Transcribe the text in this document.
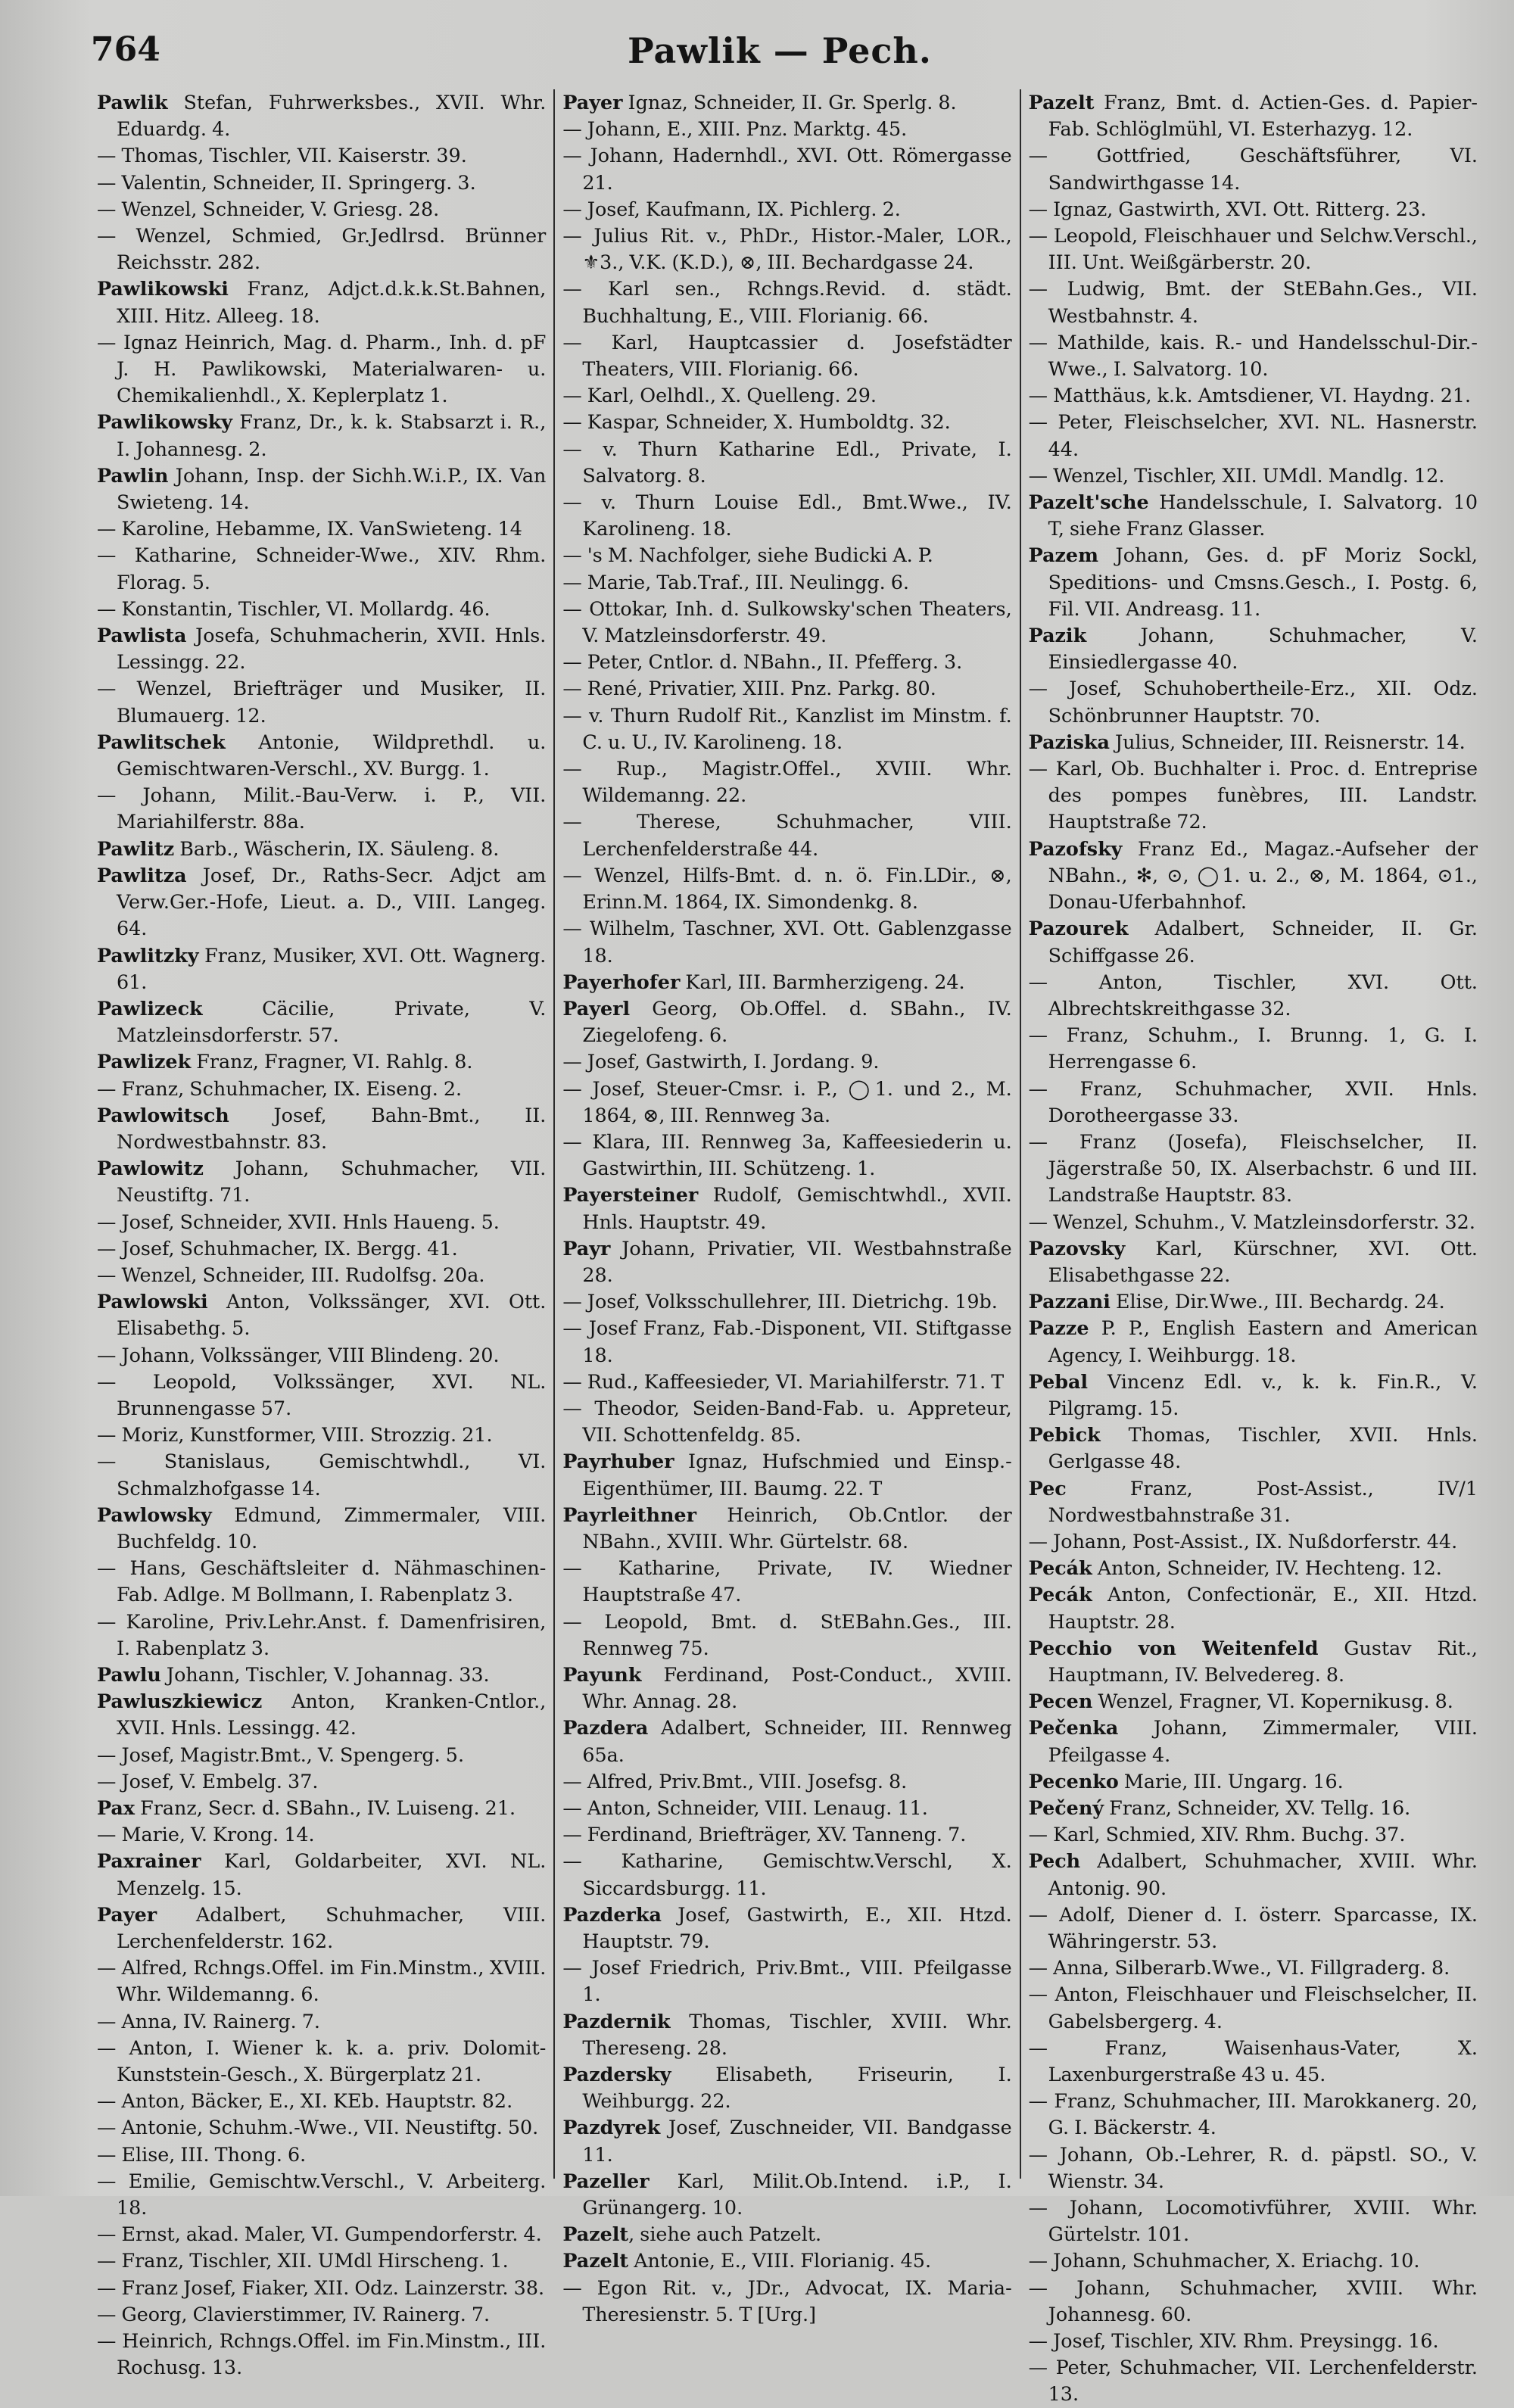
764	Pawlik — Pech.

Pawlik Stefan, Fuhrwerksbes., XVII. Whr. Eduardg. 4.

— Thomas, Tischler, VII. Kaiserstr. 39.

— Valentin, Schneider, II. Springerg. 3.

— Wenzel, Schneider, V. Griesg. 28.

— Wenzel, Schmied, Gr.Jedlrsd. Brünner Reichsstr. 282.

Pawlikowski Franz, Adjct.d.k.k.St.Bahnen, XIII. Hitz. Alleeg. 18.

— Ignaz Heinrich, Mag. d. Pharm., Inh. d. pF J. H. Pawlikowski, Materialwaren- u. Chemikalienhdl., X. Keplerplatz 1.

Pawlikowsky Franz, Dr., k. k. Stabsarzt i. R., I. Johannesg. 2.

Pawlin Johann, Insp. der Sichh.W.i.P., IX. Van Swieteng. 14.

— Karoline, Hebamme, IX. VanSwieteng. 14

— Katharine, Schneider-Wwe., XIV. Rhm. Florag. 5.

— Konstantin, Tischler, VI. Mollardg. 46.

Pawlista Josefa, Schuhmacherin, XVII. Hnls. Lessingg. 22.

— Wenzel, Briefträger und Musiker, II. Blumauerg. 12.

Pawlitschek Antonie, Wildprethdl. u. Gemischtwaren-Verschl., XV. Burgg. 1.

— Johann, Milit.-Bau-Verw. i. P., VII. Mariahilferstr. 88a.

Pawlitz Barb., Wäscherin, IX. Säuleng. 8.

Pawlitza Josef, Dr., Raths-Secr. Adjct am Verw.Ger.-Hofe, Lieut. a. D., VIII. Langeg. 64.

Pawlitzky Franz, Musiker, XVI. Ott. Wagnerg. 61.

Pawlizeck Cäcilie, Private, V. Matzleinsdorferstr. 57.

Pawlizek Franz, Fragner, VI. Rahlg. 8.

— Franz, Schuhmacher, IX. Eiseng. 2.

Pawlowitsch Josef, Bahn-Bmt., II. Nordwestbahnstr. 83.

Pawlowitz Johann, Schuhmacher, VII. Neustiftg. 71.

— Josef, Schneider, XVII. Hnls Haueng. 5.

— Josef, Schuhmacher, IX. Bergg. 41.

— Wenzel, Schneider, III. Rudolfsg. 20a.

Pawlowski Anton, Volkssänger, XVI. Ott. Elisabethg. 5.

— Johann, Volkssänger, VIII Blindeng. 20.

— Leopold, Volkssänger, XVI. NL. Brunnengasse 57.

— Moriz, Kunstformer, VIII. Strozzig. 21.

— Stanislaus, Gemischtwhdl., VI. Schmalzhofgasse 14.

Pawlowsky Edmund, Zimmermaler, VIII. Buchfeldg. 10.

— Hans, Geschäftsleiter d. Nähmaschinen-Fab. Adlge. M Bollmann, I. Rabenplatz 3.

— Karoline, Priv.Lehr.Anst. f. Damenfrisiren, I. Rabenplatz 3.

Pawlu Johann, Tischler, V. Johannag. 33.

Pawluszkiewicz Anton, Kranken-Cntlor., XVII. Hnls. Lessingg. 42.

— Josef, Magistr.Bmt., V. Spengerg. 5.

— Josef, V. Embelg. 37.

Pax Franz, Secr. d. SBahn., IV. Luiseng. 21.

— Marie, V. Krong. 14.

Paxrainer Karl, Goldarbeiter, XVI. NL. Menzelg. 15.

Payer Adalbert, Schuhmacher, VIII. Lerchenfelderstr. 162.

— Alfred, Rchngs.Offel. im Fin.Minstm., XVIII. Whr. Wildemanng. 6.

— Anna, IV. Rainerg. 7.

— Anton, I. Wiener k. k. a. priv. Dolomit-Kunststein-Gesch., X. Bürgerplatz 21.

— Anton, Bäcker, E., XI. KEb. Hauptstr. 82.

— Antonie, Schuhm.-Wwe., VII. Neustiftg. 50.

— Elise, III. Thong. 6.

— Emilie, Gemischtw.Verschl., V. Arbeiterg. 18.

— Ernst, akad. Maler, VI. Gumpendorferstr. 4.

— Franz, Tischler, XII. UMdl Hirscheng. 1.

— Franz Josef, Fiaker, XII. Odz. Lainzerstr. 38.

— Georg, Clavierstimmer, IV. Rainerg. 7.

— Heinrich, Rchngs.Offel. im Fin.Minstm., III. Rochusg. 13.

Payer Ignaz, Schneider, II. Gr. Sperlg. 8.

— Johann, E., XIII. Pnz. Marktg. 45.

— Johann, Hadernhdl., XVI. Ott. Römergasse 21.

— Josef, Kaufmann, IX. Pichlerg. 2.

— Julius Rit. v., PhDr., Histor.-Maler, LOR., ⚜3., V.K. (K.D.), ⊗, III. Bechardgasse 24.

— Karl sen., Rchngs.Revid. d. städt. Buchhaltung, E., VIII. Florianig. 66.

— Karl, Hauptcassier d. Josefstädter Theaters, VIII. Florianig. 66.

— Karl, Oelhdl., X. Quelleng. 29.

— Kaspar, Schneider, X. Humboldtg. 32.

— v. Thurn Katharine Edl., Private, I. Salvatorg. 8.

— v. Thurn Louise Edl., Bmt.Wwe., IV. Karolineng. 18.

— 's M. Nachfolger, siehe Budicki A. P.

— Marie, Tab.Traf., III. Neulingg. 6.

— Ottokar, Inh. d. Sulkowsky'schen Theaters, V. Matzleinsdorferstr. 49.

— Peter, Cntlor. d. NBahn., II. Pfefferg. 3.

— René, Privatier, XIII. Pnz. Parkg. 80.

— v. Thurn Rudolf Rit., Kanzlist im Minstm. f. C. u. U., IV. Karolineng. 18.

— Rup., Magistr.Offel., XVIII. Whr. Wildemanng. 22.

— Therese, Schuhmacher, VIII. Lerchenfelderstraße 44.

— Wenzel, Hilfs-Bmt. d. n. ö. Fin.LDir., ⊗, Erinn.M. 1864, IX. Simondenkg. 8.

— Wilhelm, Taschner, XVI. Ott. Gablenzgasse 18.

Payerhofer Karl, III. Barmherzigeng. 24.

Payerl Georg, Ob.Offel. d. SBahn., IV. Ziegelofeng. 6.

— Josef, Gastwirth, I. Jordang. 9.

— Josef, Steuer-Cmsr. i. P., ◯1. und 2., M. 1864, ⊗, III. Rennweg 3a.

— Klara, III. Rennweg 3a, Kaffeesiederin u. Gastwirthin, III. Schützeng. 1.

Payersteiner Rudolf, Gemischtwhdl., XVII. Hnls. Hauptstr. 49.

Payr Johann, Privatier, VII. Westbahnstraße 28.

— Josef, Volksschullehrer, III. Dietrichg. 19b.

— Josef Franz, Fab.-Disponent, VII. Stiftgasse 18.

— Rud., Kaffeesieder, VI. Mariahilferstr. 71. T

— Theodor, Seiden-Band-Fab. u. Appreteur, VII. Schottenfeldg. 85.

Payrhuber Ignaz, Hufschmied und Einsp.-Eigenthümer, III. Baumg. 22. T

Payrleithner Heinrich, Ob.Cntlor. der NBahn., XVIII. Whr. Gürtelstr. 68.

— Katharine, Private, IV. Wiedner Hauptstraße 47.

— Leopold, Bmt. d. StEBahn.Ges., III. Rennweg 75.

Payunk Ferdinand, Post-Conduct., XVIII. Whr. Annag. 28.

Pazdera Adalbert, Schneider, III. Rennweg 65a.

— Alfred, Priv.Bmt., VIII. Josefsg. 8.

— Anton, Schneider, VIII. Lenaug. 11.

— Ferdinand, Briefträger, XV. Tanneng. 7.

— Katharine, Gemischtw.Verschl, X. Siccardsburgg. 11.

Pazderka Josef, Gastwirth, E., XII. Htzd. Hauptstr. 79.

— Josef Friedrich, Priv.Bmt., VIII. Pfeilgasse 1.

Pazdernik Thomas, Tischler, XVIII. Whr. Thereseng. 28.

Pazdersky Elisabeth, Friseurin, I. Weihburgg. 22.

Pazdyrek Josef, Zuschneider, VII. Bandgasse 11.

Pazeller Karl, Milit.Ob.Intend. i.P., I. Grünangerg. 10.

Pazelt, siehe auch Patzelt.

Pazelt Antonie, E., VIII. Florianig. 45.

— Egon Rit. v., JDr., Advocat, IX. Maria-Theresienstr. 5. T [Urg.]

Pazelt Franz, Bmt. d. Actien-Ges. d. Papier-Fab. Schlöglmühl, VI. Esterhazyg. 12.

— Gottfried, Geschäftsführer, VI. Sandwirthgasse 14.

— Ignaz, Gastwirth, XVI. Ott. Ritterg. 23.

— Leopold, Fleischhauer und Selchw.Verschl., III. Unt. Weißgärberstr. 20.

— Ludwig, Bmt. der StEBahn.Ges., VII. Westbahnstr. 4.

— Mathilde, kais. R.- und Handelsschul-Dir.-Wwe., I. Salvatorg. 10.

— Matthäus, k.k. Amtsdiener, VI. Haydng. 21.

— Peter, Fleischselcher, XVI. NL. Hasnerstr. 44.

— Wenzel, Tischler, XII. UMdl. Mandlg. 12.

Pazelt'sche Handelsschule, I. Salvatorg. 10 T, siehe Franz Glasser.

Pazem Johann, Ges. d. pF Moriz Sockl, Speditions- und Cmsns.Gesch., I. Postg. 6, Fil. VII. Andreasg. 11.

Pazik Johann, Schuhmacher, V. Einsiedlergasse 40.

— Josef, Schuhobertheile-Erz., XII. Odz. Schönbrunner Hauptstr. 70.

Paziska Julius, Schneider, III. Reisnerstr. 14.

— Karl, Ob. Buchhalter i. Proc. d. Entreprise des pompes funèbres, III. Landstr. Hauptstraße 72.

Pazofsky Franz Ed., Magaz.-Aufseher der NBahn., ✻, ⊙, ◯1. u. 2., ⊗, M. 1864, ⊙1., Donau-Uferbahnhof.

Pazourek Adalbert, Schneider, II. Gr. Schiffgasse 26.

— Anton, Tischler, XVI. Ott. Albrechtskreithgasse 32.

— Franz, Schuhm., I. Brunng. 1, G. I. Herrengasse 6.

— Franz, Schuhmacher, XVII. Hnls. Dorotheergasse 33.

— Franz (Josefa), Fleischselcher, II. Jägerstraße 50, IX. Alserbachstr. 6 und III. Landstraße Hauptstr. 83.

— Wenzel, Schuhm., V. Matzleinsdorferstr. 32.

Pazovsky Karl, Kürschner, XVI. Ott. Elisabethgasse 22.

Pazzani Elise, Dir.Wwe., III. Bechardg. 24.

Pazze P. P., English Eastern and American Agency, I. Weihburgg. 18.

Pebal Vincenz Edl. v., k. k. Fin.R., V. Pilgramg. 15.

Pebick Thomas, Tischler, XVII. Hnls. Gerlgasse 48.

Pec Franz, Post-Assist., IV/1 Nordwestbahnstraße 31.

— Johann, Post-Assist., IX. Nußdorferstr. 44.

Pecák Anton, Schneider, IV. Hechteng. 12.

Pecák Anton, Confectionär, E., XII. Htzd. Hauptstr. 28.

Pecchio von Weitenfeld Gustav Rit., Hauptmann, IV. Belvedereg. 8.

Pecen Wenzel, Fragner, VI. Kopernikusg. 8.

Pečenka Johann, Zimmermaler, VIII. Pfeilgasse 4.

Pecenko Marie, III. Ungarg. 16.

Pečený Franz, Schneider, XV. Tellg. 16.

— Karl, Schmied, XIV. Rhm. Buchg. 37.

Pech Adalbert, Schuhmacher, XVIII. Whr. Antonig. 90.

— Adolf, Diener d. I. österr. Sparcasse, IX. Währingerstr. 53.

— Anna, Silberarb.Wwe., VI. Fillgraderg. 8.

— Anton, Fleischhauer und Fleischselcher, II. Gabelsbergerg. 4.

— Franz, Waisenhaus-Vater, X. Laxenburgerstraße 43 u. 45.

— Franz, Schuhmacher, III. Marokkanerg. 20, G. I. Bäckerstr. 4.

— Johann, Ob.-Lehrer, R. d. päpstl. SO., V. Wienstr. 34.

— Johann, Locomotivführer, XVIII. Whr. Gürtelstr. 101.

— Johann, Schuhmacher, X. Eriachg. 10.

— Johann, Schuhmacher, XVIII. Whr. Johannesg. 60.

— Josef, Tischler, XIV. Rhm. Preysingg. 16.

— Peter, Schuhmacher, VII. Lerchenfelderstr. 13.
